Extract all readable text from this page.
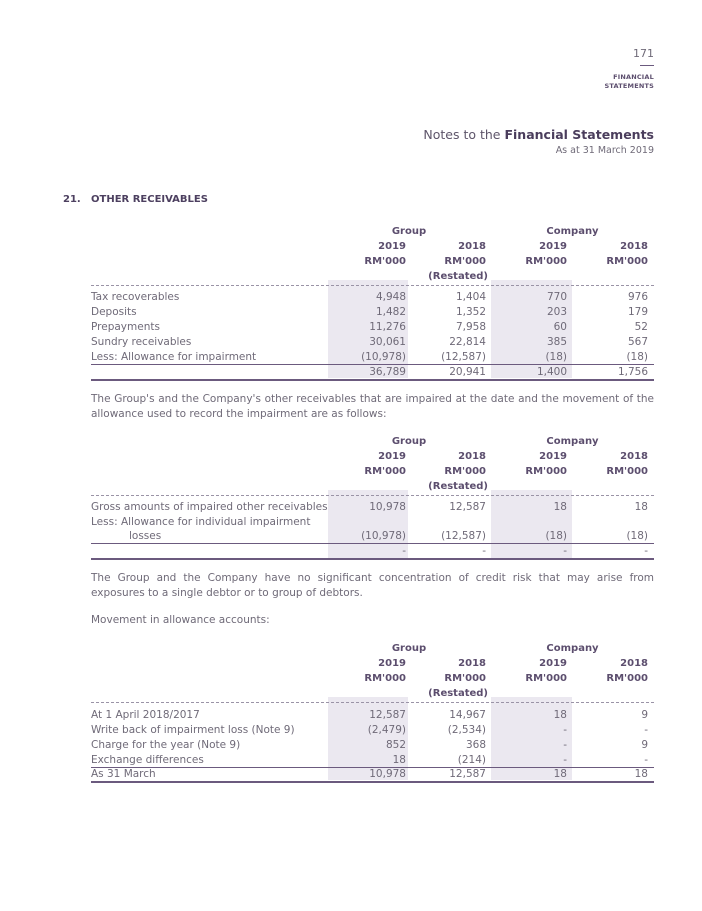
171
FINANCIAL
STATEMENTS
Notes to the Financial Statements
As at 31 March 2019
21. OTHER RECEIVABLES
Group	Company
2019	2018	2019	2018
RM'000	RM'000	RM'000	RM'000
(Restated)
Tax recoverables	4,948	1,404	770	976
Deposits	1,482	1,352	203	179
Prepayments	11,276	7,958	60	52
Sundry receivables	30,061	22,814	385	567
Less: Allowance for impairment	(10,978)	(12,587)	(18)	(18)
36,789	20,941	1,400	1,756
The Group's and the Company's other receivables that are impaired at the date and the movement of the allowance used to record the impairment are as follows:
Group	Company
2019	2018	2019	2018
RM'000	RM'000	RM'000	RM'000
(Restated)
Gross amounts of impaired other receivables	10,978	12,587	18	18
Less: Allowance for individual impairment
losses	(10,978)	(12,587)	(18)	(18)
-	-	-	-
The Group and the Company have no significant concentration of credit risk that may arise from exposures to a single debtor or to group of debtors.
Movement in allowance accounts:
Group	Company
2019	2018	2019	2018
RM'000	RM'000	RM'000	RM'000
(Restated)
At 1 April 2018/2017	12,587	14,967	18	9
Write back of impairment loss (Note 9)	(2,479)	(2,534)	-	-
Charge for the year (Note 9)	852	368	-	9
Exchange differences	18	(214)	-	-
As 31 March	10,978	12,587	18	18
